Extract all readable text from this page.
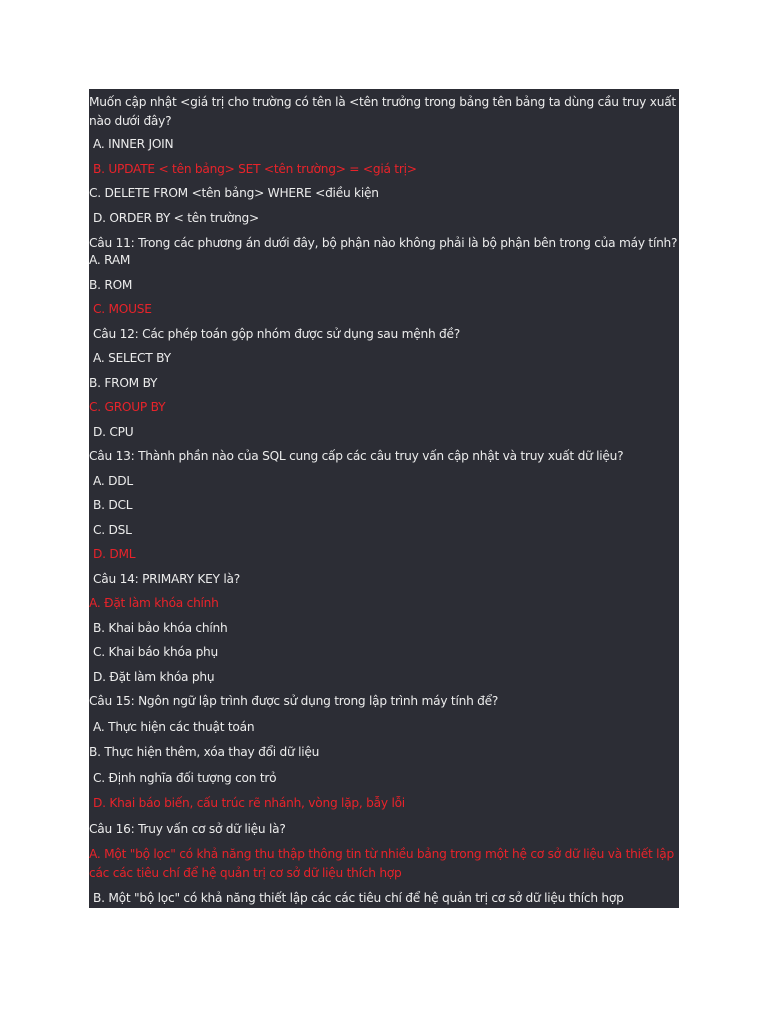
Muốn cập nhật <giá trị cho trường có tên là <tên trưởng trong bảng tên bảng ta dùng cầu truy xuất nào dưới đây?
A. INNER JOIN
B. UPDATE < tên bảng> SET <tên trường> = <giá trị>
C. DELETE FROM <tên bảng> WHERE <điều kiện
D. ORDER BY < tên trường>
Câu 11: Trong các phương án dưới đây, bộ phận nào không phải là bộ phận bên trong của máy tính?
A. RAM
B. ROM
C. MOUSE
Câu 12: Các phép toán gộp nhóm được sử dụng sau mệnh đề?
A. SELECT BY
B. FROM BY
C. GROUP BY
D. CPU
Câu 13: Thành phần nào của SQL cung cấp các câu truy vấn cập nhật và truy xuất dữ liệu?
A. DDL
B. DCL
C. DSL
D. DML
Câu 14: PRIMARY KEY là?
A. Đặt làm khóa chính
B. Khai bảo khóa chính
C. Khai báo khóa phụ
D. Đặt làm khóa phụ
Câu 15: Ngôn ngữ lập trình được sử dụng trong lập trình máy tính để?
A. Thực hiện các thuật toán
B. Thực hiện thêm, xóa thay đổi dữ liệu
C. Định nghĩa đối tượng con trỏ
D. Khai báo biến, cấu trúc rẽ nhánh, vòng lặp, bẫy lỗi
Câu 16: Truy vấn cơ sở dữ liệu là?
A. Một "bộ lọc" có khả năng thu thập thông tin từ nhiều bảng trong một hệ cơ sở dữ liệu và thiết lập các các tiêu chí để hệ quản trị cơ sở dữ liệu thích hợp
B. Một "bộ lọc" có khả năng thiết lập các các tiêu chí để hệ quản trị cơ sở dữ liệu thích hợp
